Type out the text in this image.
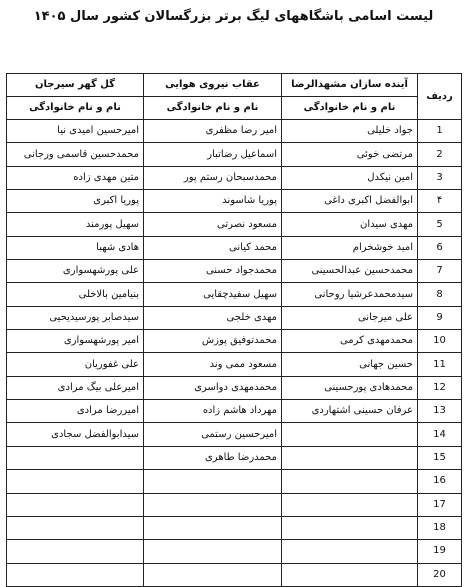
لیست اسامی باشگاههای لیگ برتر بزرگسالان کشور سال ۱۴۰۵
ردیف	آینده سازان مشهدالرضا	عقاب نیروی هوایی	گل گهر سیرجان
	نام و نام خانوادگی	نام و نام خانوادگی	نام و نام خانوادگی
1	جواد خلیلی	امیر رضا مظفری	امیرحسین امیدی نیا
2	مرتضی خوئی	اسماعیل رضاتبار	محمدحسین قاسمی ورجانی
3	امین نیکدل	محمدسبحان رستم پور	متین مهدی زاده
۴	ابوالفضل اکبری داغی	پوریا شاسوند	پوریا اکبری
5	مهدی سیدان	مسعود نصرتی	سهیل پورمند
6	امید خوشخرام	محمد کیانی	هادی شهبا
7	محمدحسین عبدالحسینی	محمدجواد حسنی	علی پورشهسواری
8	سیدمحمدعرشیا روحانی	سهیل سفیدچقایی	بنیامین بالاخلی
9	علی میرجانی	مهدی خلجی	سیدصابر پورسیدیحیی
10	محمدمهدی کرمی	محمدتوفیق پوزش	امیر پورشهسواری
11	حسین جهانی	مسعود ممی وند	علی غفوریان
12	محمدهادی پورحسینی	محمدمهدی دواسری	امیرعلی بیگ مرادی
13	عرفان حسینی اشتهاردی	مهرداد هاشم زاده	امیررضا مرادی
14		امیرحسین رستمی	سیدابوالفضل سجادی
15		محمدرضا طاهری	
16			
17			
18			
19			
20			
